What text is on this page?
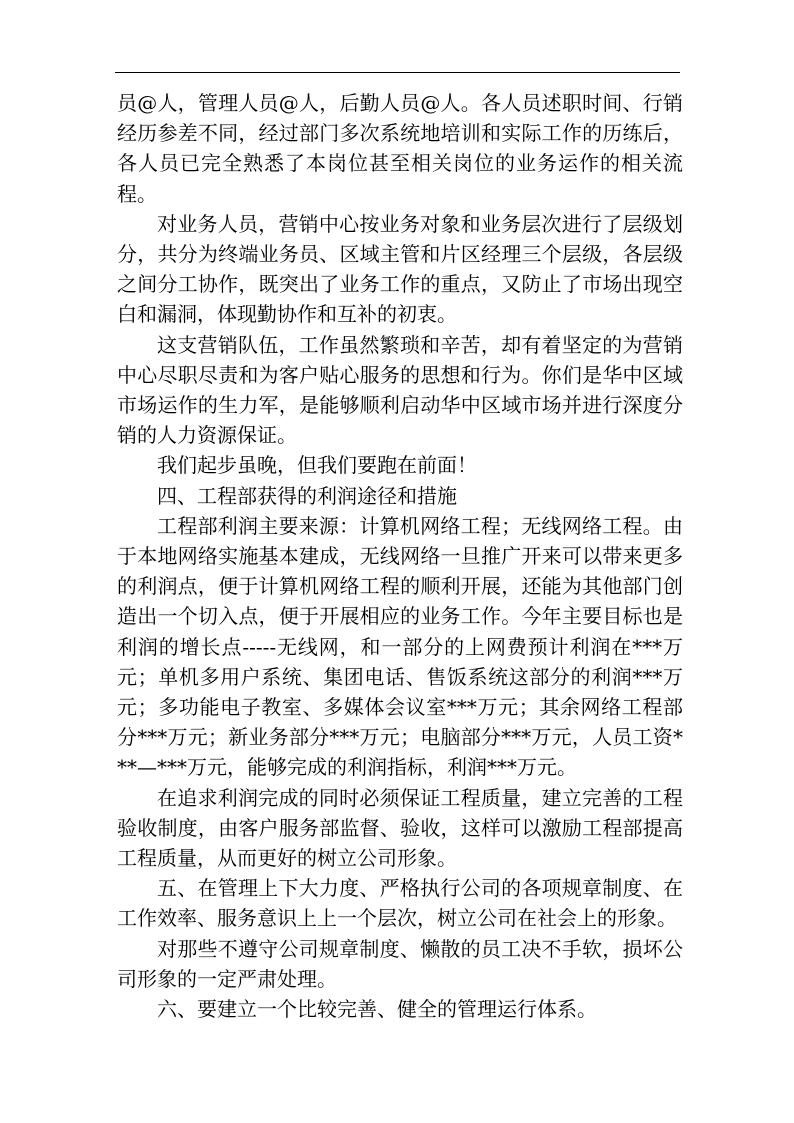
员@人，管理人员@人，后勤人员@人。各人员述职时间、行销经历参差不同，经过部门多次系统地培训和实际工作的历练后，各人员已完全熟悉了本岗位甚至相关岗位的业务运作的相关流程。

对业务人员，营销中心按业务对象和业务层次进行了层级划分，共分为终端业务员、区域主管和片区经理三个层级，各层级之间分工协作，既突出了业务工作的重点，又防止了市场出现空白和漏洞，体现勤协作和互补的初衷。

这支营销队伍，工作虽然繁琐和辛苦，却有着坚定的为营销中心尽职尽责和为客户贴心服务的思想和行为。你们是华中区域市场运作的生力军，是能够顺利启动华中区域市场并进行深度分销的人力资源保证。

我们起步虽晚，但我们要跑在前面！

四、工程部获得的利润途径和措施

工程部利润主要来源：计算机网络工程；无线网络工程。由于本地网络实施基本建成，无线网络一旦推广开来可以带来更多的利润点，便于计算机网络工程的顺利开展，还能为其他部门创造出一个切入点，便于开展相应的业务工作。今年主要目标也是利润的增长点-----无线网，和一部分的上网费预计利润在***万元；单机多用户系统、集团电话、售饭系统这部分的利润***万元；多功能电子教室、多媒体会议室***万元；其余网络工程部分***万元；新业务部分***万元；电脑部分***万元，人员工资***—***万元，能够完成的利润指标，利润***万元。

在追求利润完成的同时必须保证工程质量，建立完善的工程验收制度，由客户服务部监督、验收，这样可以激励工程部提高工程质量，从而更好的树立公司形象。

五、在管理上下大力度、严格执行公司的各项规章制度、在工作效率、服务意识上上一个层次，树立公司在社会上的形象。

对那些不遵守公司规章制度、懒散的员工决不手软，损坏公司形象的一定严肃处理。

六、要建立一个比较完善、健全的管理运行体系。
